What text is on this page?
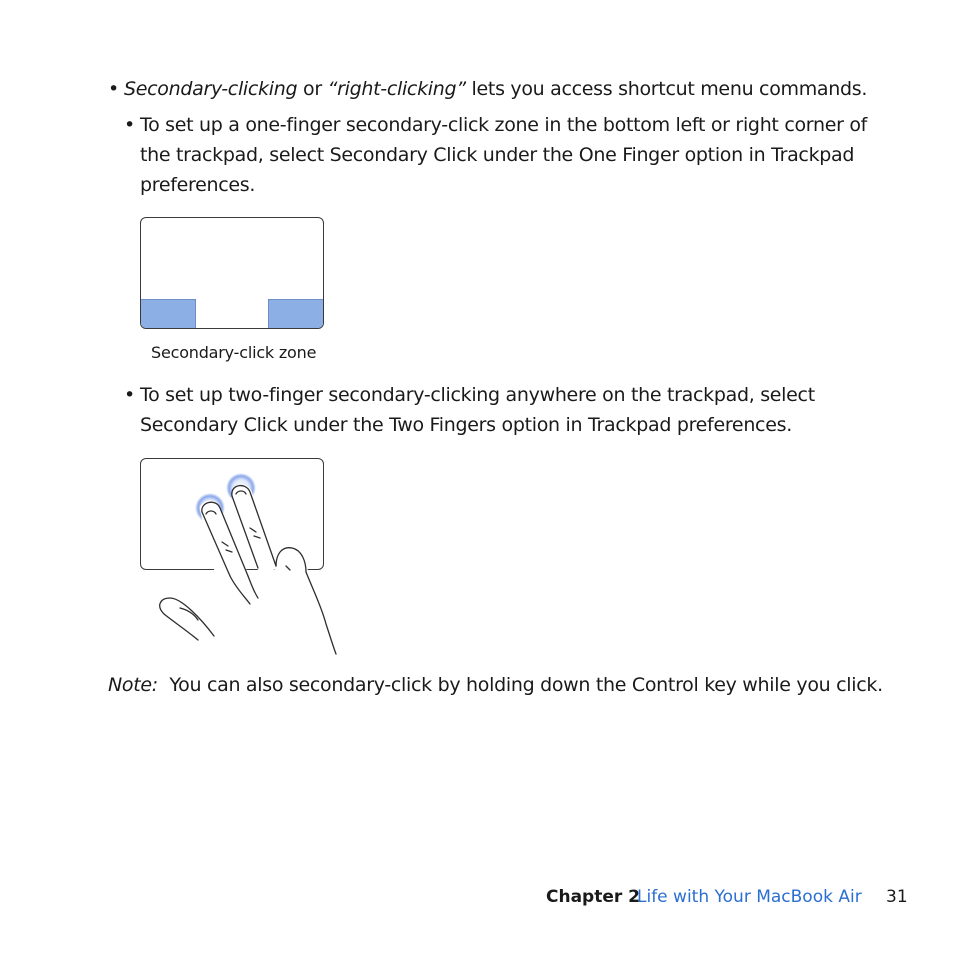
• Secondary-clicking or “right-clicking” lets you access shortcut menu commands.
• To set up a one-finger secondary-click zone in the bottom left or right corner of
the trackpad, select Secondary Click under the One Finger option in Trackpad
preferences.
Secondary-click zone
• To set up two-finger secondary-clicking anywhere on the trackpad, select
Secondary Click under the Two Fingers option in Trackpad preferences.
Note: You can also secondary-click by holding down the Control key while you click.
Chapter 2
Life with Your MacBook Air 31
